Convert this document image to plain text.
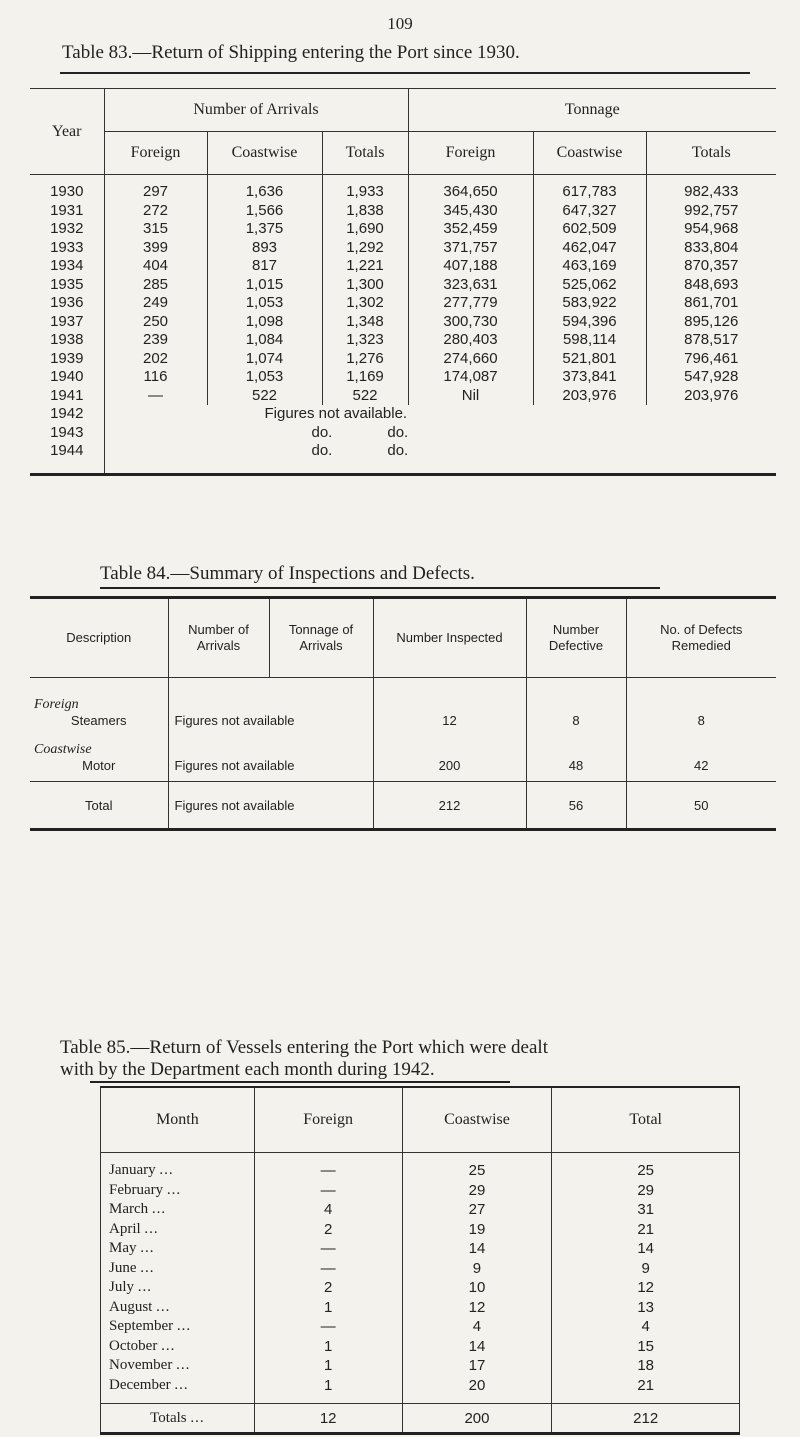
109
Table 83.—Return of Shipping entering the Port since 1930.
Year	Number of Arrivals			Tonnage		
	Foreign	Coastwise	Totals	Foreign	Coastwise	Totals
1930	297	1,636	1,933	364,650	617,783	982,433
1931	272	1,566	1,838	345,430	647,327	992,757
1932	315	1,375	1,690	352,459	602,509	954,968
1933	399	893	1,292	371,757	462,047	833,804
1934	404	817	1,221	407,188	463,169	870,357
1935	285	1,015	1,300	323,631	525,062	848,693
1936	249	1,053	1,302	277,779	583,922	861,701
1937	250	1,098	1,348	300,730	594,396	895,126
1938	239	1,084	1,323	280,403	598,114	878,517
1939	202	1,074	1,276	274,660	521,801	796,461
1940	116	1,053	1,169	174,087	373,841	547,928
1941	—	522	522	Nil	203,976	203,976
1942	Figures not available.					
1943	do. do.					
1944	do. do.					
Table 84.—Summary of Inspections and Defects.
Description	Number of Arrivals	Tonnage of Arrivals	Number Inspected	Number Defective	No. of Defects Remedied

Foreign
Steamers	Figures not available		12	8	8

Coastwise
Motor	Figures not available		200	48	42
Total	Figures not available		212	56	50
Table 85.—Return of Vessels entering the Port which were dealt
with by the Department each month during 1942.
Month	Foreign	Coastwise	Total
January ...	—	25	25
February ...	—	29	29
March ...	4	27	31
April ...	2	19	21
May ...	—	14	14
June ...	—	9	9
July ...	2	10	12
August ...	1	12	13
September ...	—	4	4
October ...	1	14	15
November ...	1	17	18
December ...	1	20	21
Totals ...	12	200	212
